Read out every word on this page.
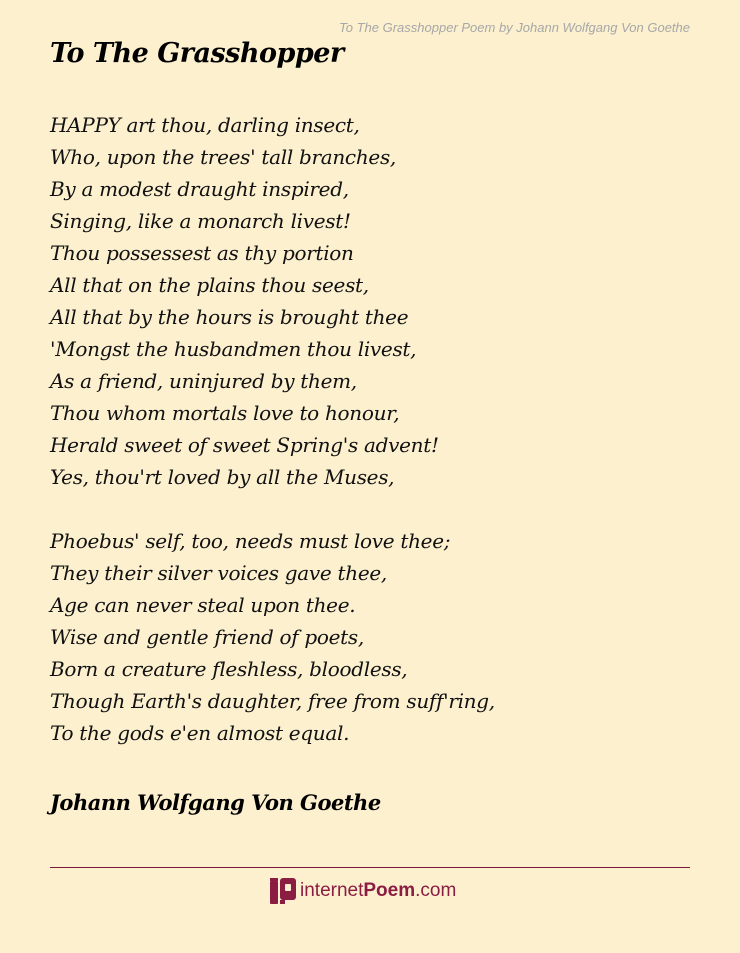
To The Grasshopper Poem by Johann Wolfgang Von Goethe
To The Grasshopper

HAPPY art thou, darling insect,
Who, upon the trees' tall branches,
By a modest draught inspired,
Singing, like a monarch livest!
Thou possessest as thy portion
All that on the plains thou seest,
All that by the hours is brought thee
'Mongst the husbandmen thou livest,
As a friend, uninjured by them,
Thou whom mortals love to honour,
Herald sweet of sweet Spring's advent!
Yes, thou'rt loved by all the Muses,

Phoebus' self, too, needs must love thee;
They their silver voices gave thee,
Age can never steal upon thee.
Wise and gentle friend of poets,
Born a creature fleshless, bloodless,
Though Earth's daughter, free from suff'ring,
To the gods e'en almost equal.

Johann Wolfgang Von Goethe
internetPoem.com
